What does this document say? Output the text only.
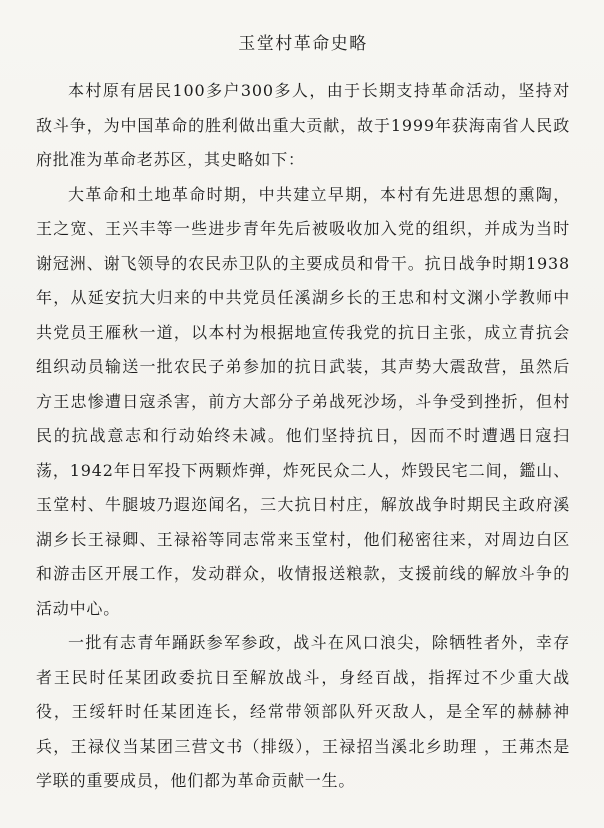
玉堂村革命史略

本村原有居民100多户300多人，由于长期支持革命活动，坚持对敌斗争，为中国革命的胜利做出重大贡献，故于1999年获海南省人民政府批准为革命老苏区，其史略如下：

大革命和土地革命时期，中共建立早期，本村有先进思想的熏陶，王之宽、王兴丰等一些进步青年先后被吸收加入党的组织，并成为当时谢冠洲、谢飞领导的农民赤卫队的主要成员和骨干。抗日战争时期1938年，从延安抗大归来的中共党员任溪湖乡长的王忠和村文渊小学教师中共党员王雁秋一道，以本村为根据地宣传我党的抗日主张，成立青抗会组织动员输送一批农民子弟参加的抗日武装，其声势大震敌营，虽然后方王忠惨遭日寇杀害，前方大部分子弟战死沙场，斗争受到挫折，但村民的抗战意志和行动始终未减。他们坚持抗日，因而不时遭遇日寇扫荡，1942年日军投下两颗炸弹，炸死民众二人，炸毁民宅二间，鑑山、玉堂村、牛腿坡乃遐迩闻名，三大抗日村庄，解放战争时期民主政府溪湖乡长王禄卿、王禄裕等同志常来玉堂村，他们秘密往来，对周边白区和游击区开展工作，发动群众，收情报送粮款，支援前线的解放斗争的活动中心。

一批有志青年踊跃参军参政，战斗在风口浪尖，除牺牲者外，幸存者王民时任某团政委抗日至解放战斗，身经百战，指挥过不少重大战役，王绥轩时任某团连长，经常带领部队歼灭敌人，是全军的赫赫神兵，王禄仪当某团三营文书（排级），王禄招当溪北乡助理 ，王茀杰是学联的重要成员，他们都为革命贡献一生。
